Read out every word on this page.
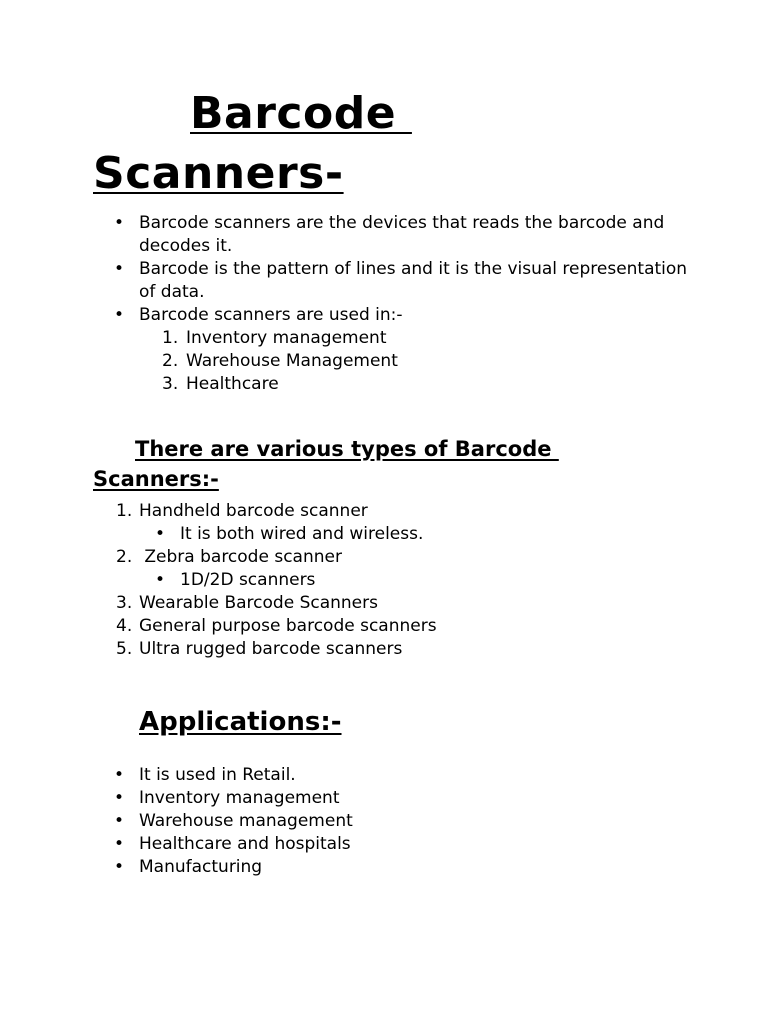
Barcode
Scanners-
• Barcode scanners are the devices that reads the barcode and decodes it.
• Barcode is the pattern of lines and it is the visual representation of data.
• Barcode scanners are used in:-
1. Inventory management
2. Warehouse Management
3. Healthcare
There are various types of Barcode
Scanners:-
1. Handheld barcode scanner
• It is both wired and wireless.
2. Zebra barcode scanner
• 1D/2D scanners
3. Wearable Barcode Scanners
4. General purpose barcode scanners
5. Ultra rugged barcode scanners
Applications:-
• It is used in Retail.
• Inventory management
• Warehouse management
• Healthcare and hospitals
• Manufacturing
